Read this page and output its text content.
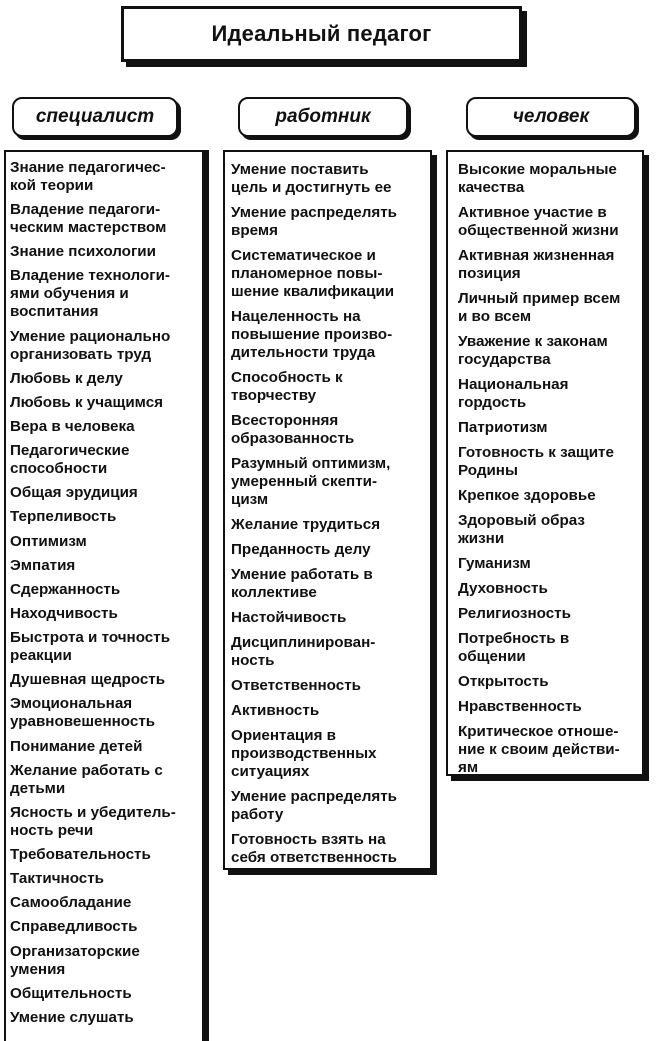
Идеальный педагог
специалист	работник	человек
Знание педагогичес-
кой теории
Владение педагоги-
ческим мастерством
Знание психологии
Владение технологи-
ями обучения и
воспитания
Умение рационально
организовать труд
Любовь к делу
Любовь к учащимся
Вера в человека
Педагогические
способности
Общая эрудиция
Терпеливость
Оптимизм
Эмпатия
Сдержанность
Находчивость
Быстрота и точность
реакции
Душевная щедрость
Эмоциональная
уравновешенность
Понимание детей
Желание работать с
детьми
Ясность и убедитель-
ность речи
Требовательность
Тактичность
Самообладание
Справедливость
Организаторские
умения
Общительность
Умение слушать
Умение поставить
цель и достигнуть ее
Умение распределять
время
Систематическое и
планомерное повы-
шение квалификации
Нацеленность на
повышение произво-
дительности труда
Способность к
творчеству
Всесторонняя
образованность
Разумный оптимизм,
умеренный скепти-
цизм
Желание трудиться
Преданность делу
Умение работать в
коллективе
Настойчивость
Дисциплинирован-
ность
Ответственность
Активность
Ориентация в
производственных
ситуациях
Умение распределять
работу
Готовность взять на
себя ответственность
Высокие моральные
качества
Активное участие в
общественной жизни
Активная жизненная
позиция
Личный пример всем
и во всем
Уважение к законам
государства
Национальная
гордость
Патриотизм
Готовность к защите
Родины
Крепкое здоровье
Здоровый образ
жизни
Гуманизм
Духовность
Религиозность
Потребность в
общении
Открытость
Нравственность
Критическое отноше-
ние к своим действи-
ям
